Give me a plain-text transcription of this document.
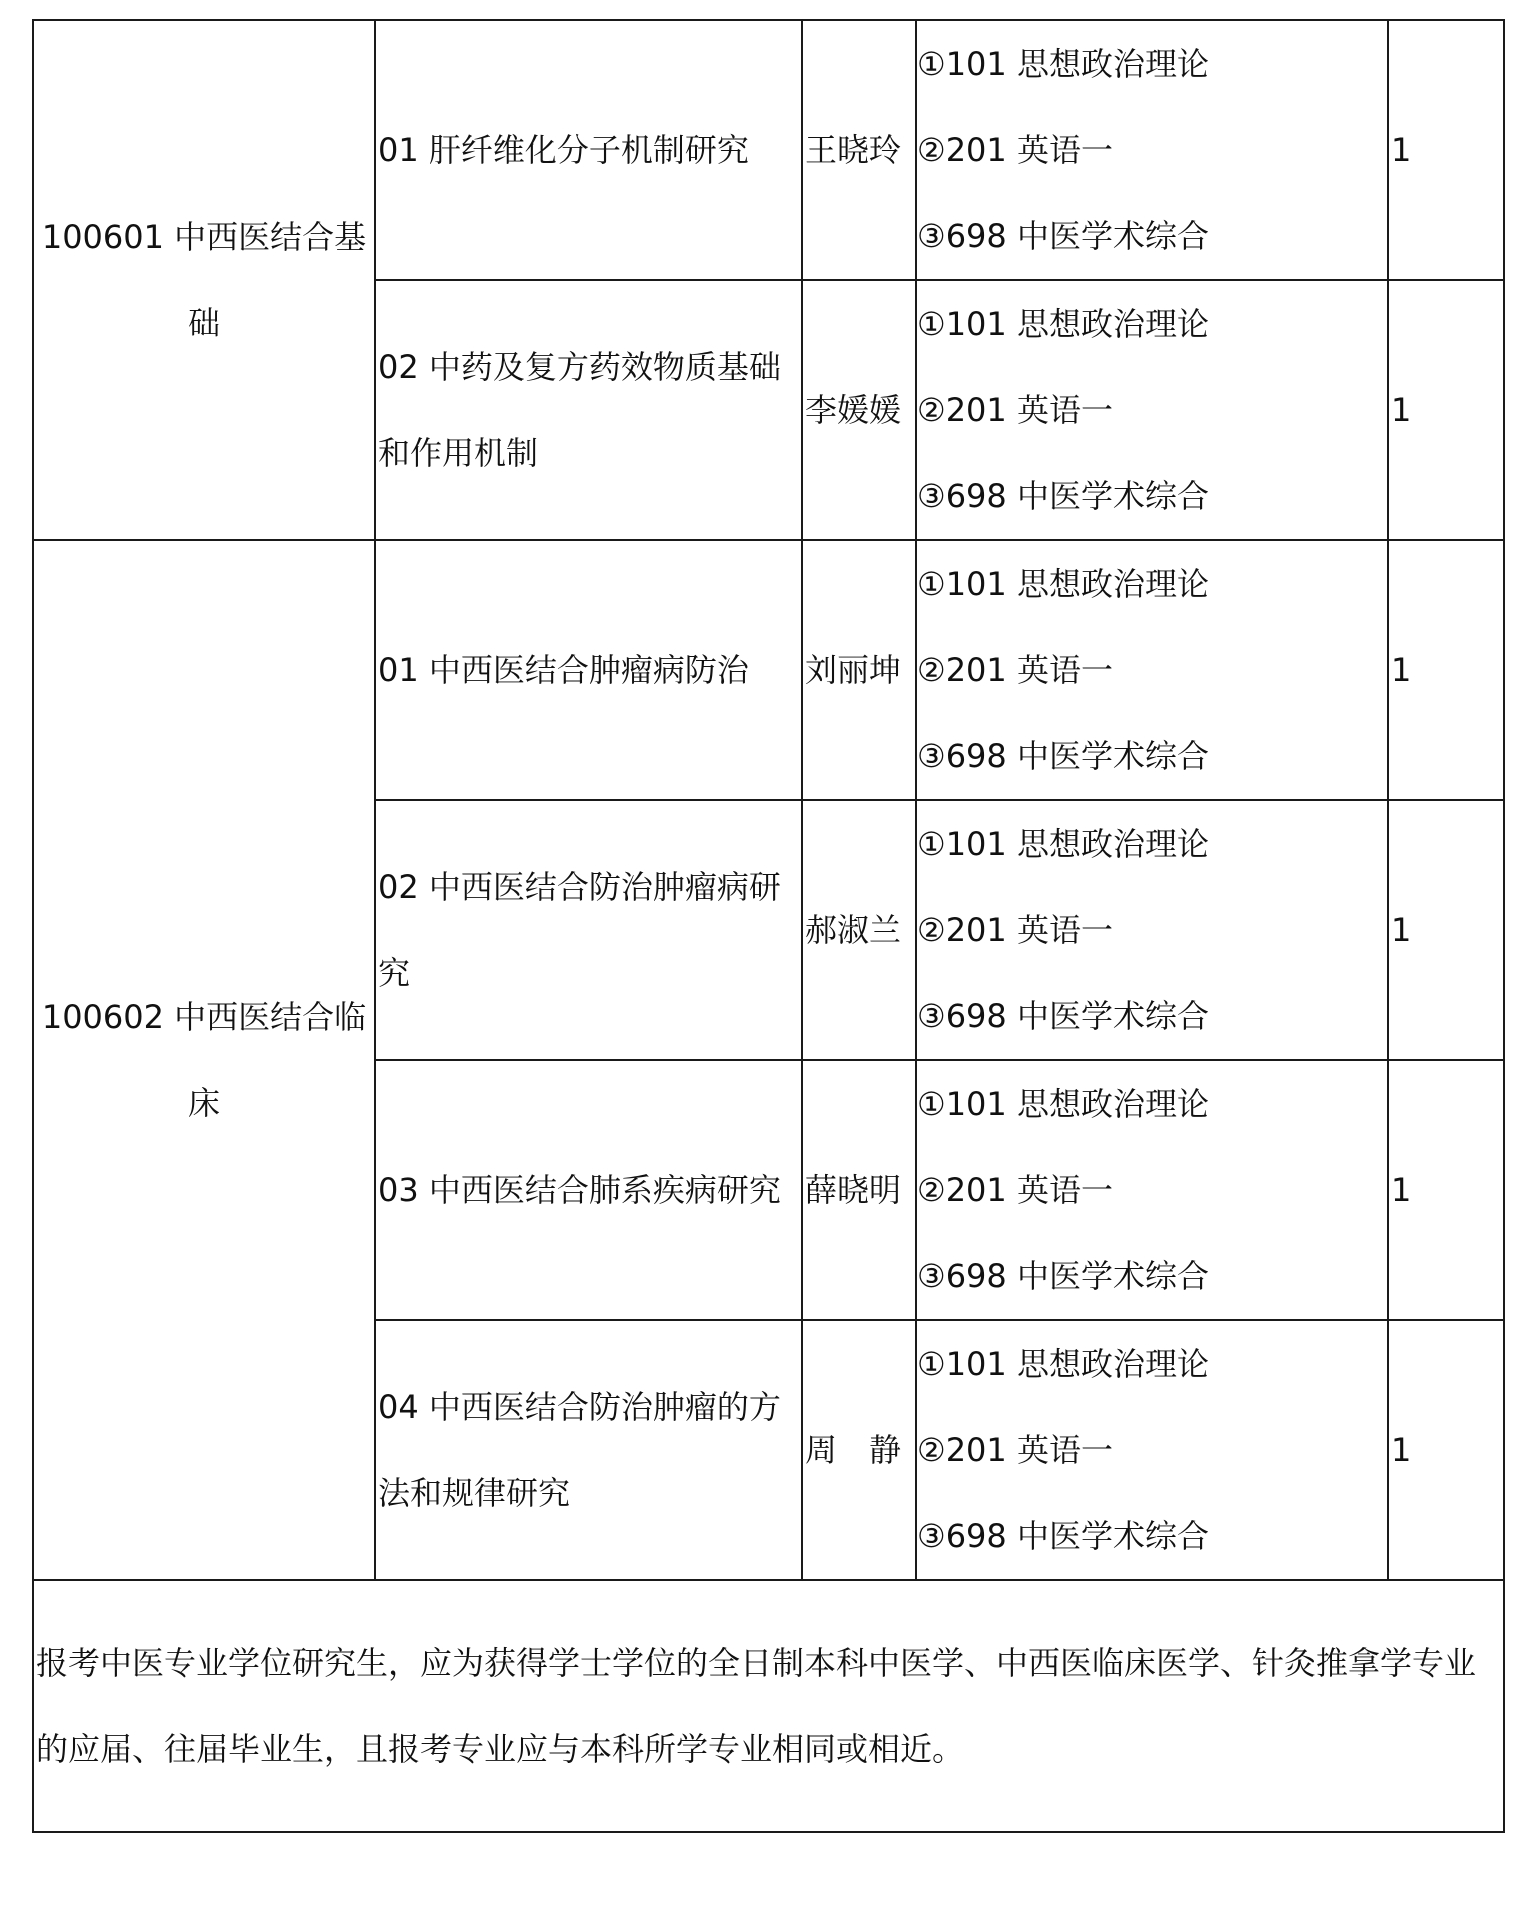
100601 中西医结合基础	01 肝纤维化分子机制研究	王晓玲	①101 思想政治理论
②201 英语一
③698 中医学术综合	1
	02 中药及复方药效物质基础和作用机制	李媛媛	①101 思想政治理论
②201 英语一
③698 中医学术综合	1
100602 中西医结合临床	01 中西医结合肿瘤病防治	刘丽坤	①101 思想政治理论
②201 英语一
③698 中医学术综合	1
	02 中西医结合防治肿瘤病研究	郝淑兰	①101 思想政治理论
②201 英语一
③698 中医学术综合	1
	03 中西医结合肺系疾病研究	薛晓明	①101 思想政治理论
②201 英语一
③698 中医学术综合	1
	04 中西医结合防治肿瘤的方法和规律研究	周　静	①101 思想政治理论
②201 英语一
③698 中医学术综合	1
报考中医专业学位研究生，应为获得学士学位的全日制本科中医学、中西医临床医学、针灸推拿学专业的应届、往届毕业生，且报考专业应与本科所学专业相同或相近。				
